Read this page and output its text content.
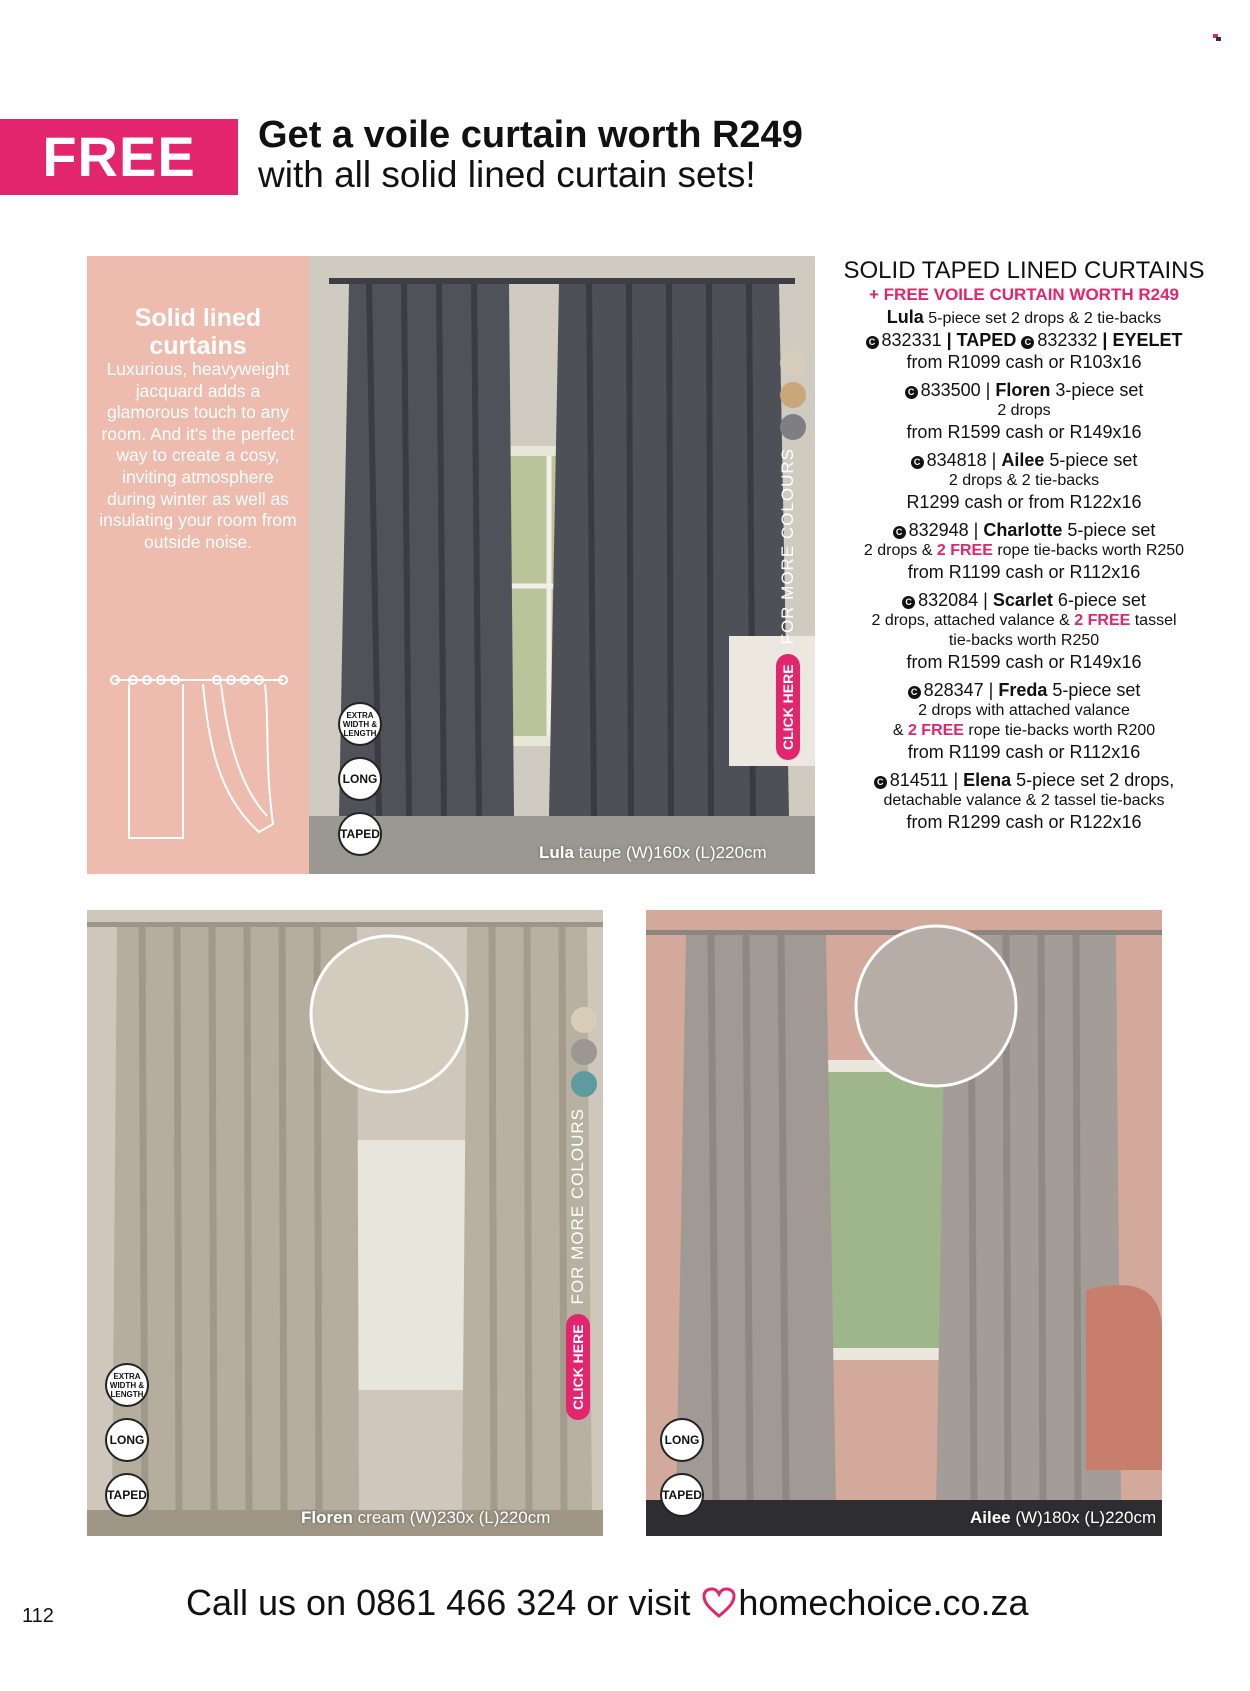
FREE	Get a voile curtain worth R249
with all solid lined curtain sets!
Solid lined
curtains
Luxurious, heavyweight jacquard adds a glamorous touch to any room. And it's the perfect way to create a cosy, inviting atmosphere during winter as well as insulating your room from outside noise.
Lula taupe (W)160x (L)220cm
CLICK HERE
FOR MORE COLOURS
EXTRA WIDTH & LENGTH
LONG
TAPED
Floren cream (W)230x (L)220cm
CLICK HERE
FOR MORE COLOURS
EXTRA WIDTH & LENGTH
LONG
TAPED
Ailee (W)180x (L)220cm
LONG
TAPED
SOLID TAPED LINED CURTAINS
+ FREE VOILE CURTAIN WORTH R249
Lula 5-piece set 2 drops & 2 tie-backs
C 832331 | TAPED C 832332 | EYELET
from R1099 cash or R103x16
C 833500 | Floren 3-piece set
2 drops
from R1599 cash or R149x16
C 834818 | Ailee 5-piece set
2 drops & 2 tie-backs
R1299 cash or from R122x16
C 832948 | Charlotte 5-piece set
2 drops & 2 FREE rope tie-backs worth R250
from R1199 cash or R112x16
C 832084 | Scarlet 6-piece set
2 drops, attached valance & 2 FREE tassel
tie-backs worth R250
from R1599 cash or R149x16
C 828347 | Freda 5-piece set
2 drops with attached valance
& 2 FREE rope tie-backs worth R200
from R1199 cash or R112x16
C 814511 | Elena 5-piece set 2 drops,
detachable valance & 2 tassel tie-backs
from R1299 cash or R122x16
112	Call us on 0861 466 324 or visit homechoice.co.za
